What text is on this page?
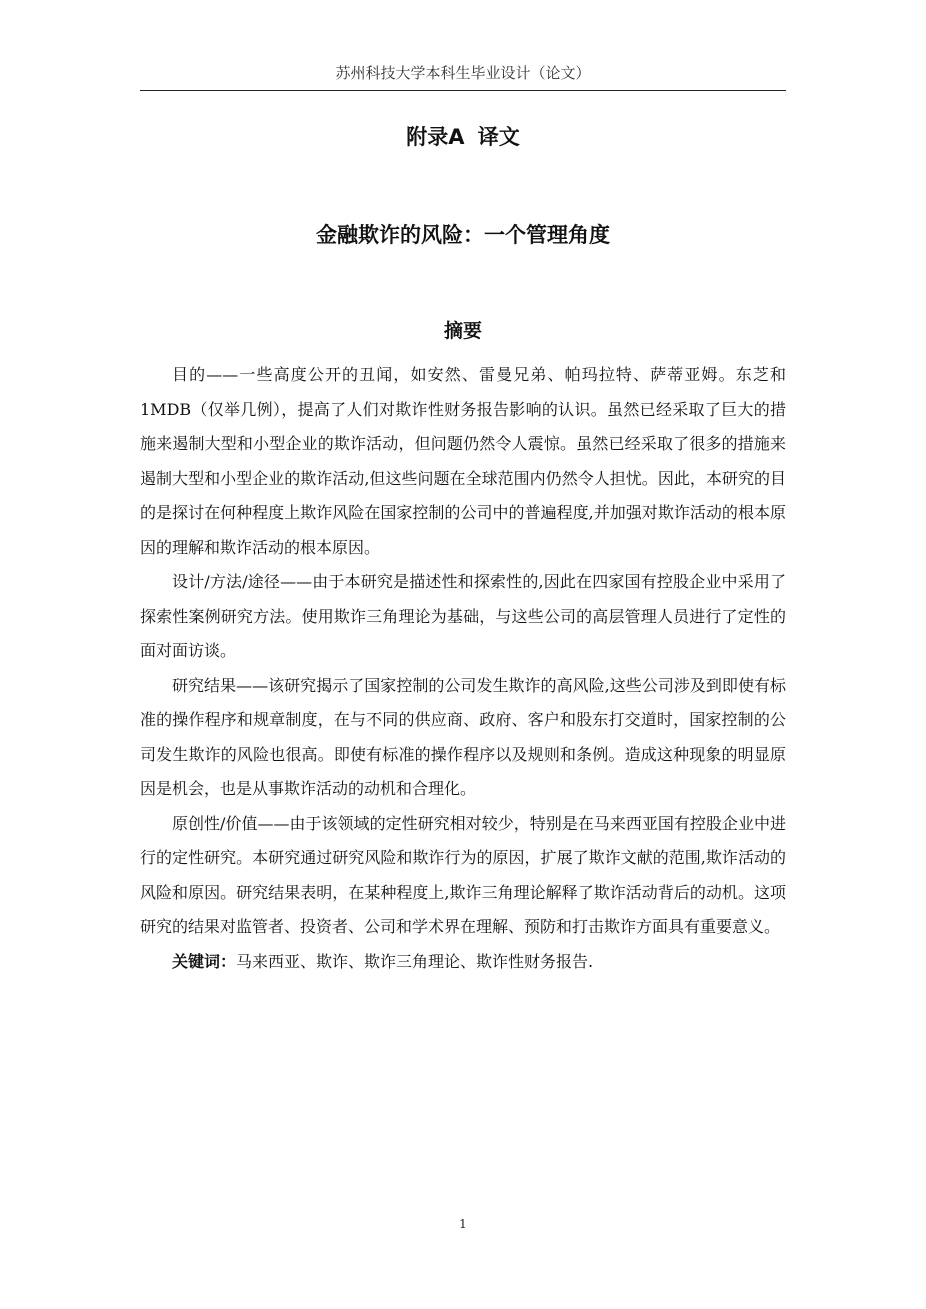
苏州科技大学本科生毕业设计（论文）
附录A 译文
金融欺诈的风险：一个管理角度
摘要

目的——一些高度公开的丑闻，如安然、雷曼兄弟、帕玛拉特、萨蒂亚姆。东芝和1MDB（仅举几例），提高了人们对欺诈性财务报告影响的认识。虽然已经采取了巨大的措施来遏制大型和小型企业的欺诈活动，但问题仍然令人震惊。虽然已经采取了很多的措施来遏制大型和小型企业的欺诈活动,但这些问题在全球范围内仍然令人担忧。因此，本研究的目的是探讨在何种程度上欺诈风险在国家控制的公司中的普遍程度,并加强对欺诈活动的根本原因的理解和欺诈活动的根本原因。

设计/方法/途径——由于本研究是描述性和探索性的,因此在四家国有控股企业中采用了探索性案例研究方法。使用欺诈三角理论为基础，与这些公司的高层管理人员进行了定性的面对面访谈。

研究结果——该研究揭示了国家控制的公司发生欺诈的高风险,这些公司涉及到即使有标准的操作程序和规章制度，在与不同的供应商、政府、客户和股东打交道时，国家控制的公司发生欺诈的风险也很高。即使有标准的操作程序以及规则和条例。造成这种现象的明显原因是机会，也是从事欺诈活动的动机和合理化。

原创性/价值——由于该领域的定性研究相对较少，特别是在马来西亚国有控股企业中进行的定性研究。本研究通过研究风险和欺诈行为的原因，扩展了欺诈文献的范围,欺诈活动的风险和原因。研究结果表明，在某种程度上,欺诈三角理论解释了欺诈活动背后的动机。这项研究的结果对监管者、投资者、公司和学术界在理解、预防和打击欺诈方面具有重要意义。

关键词：马来西亚、欺诈、欺诈三角理论、欺诈性财务报告.

1
